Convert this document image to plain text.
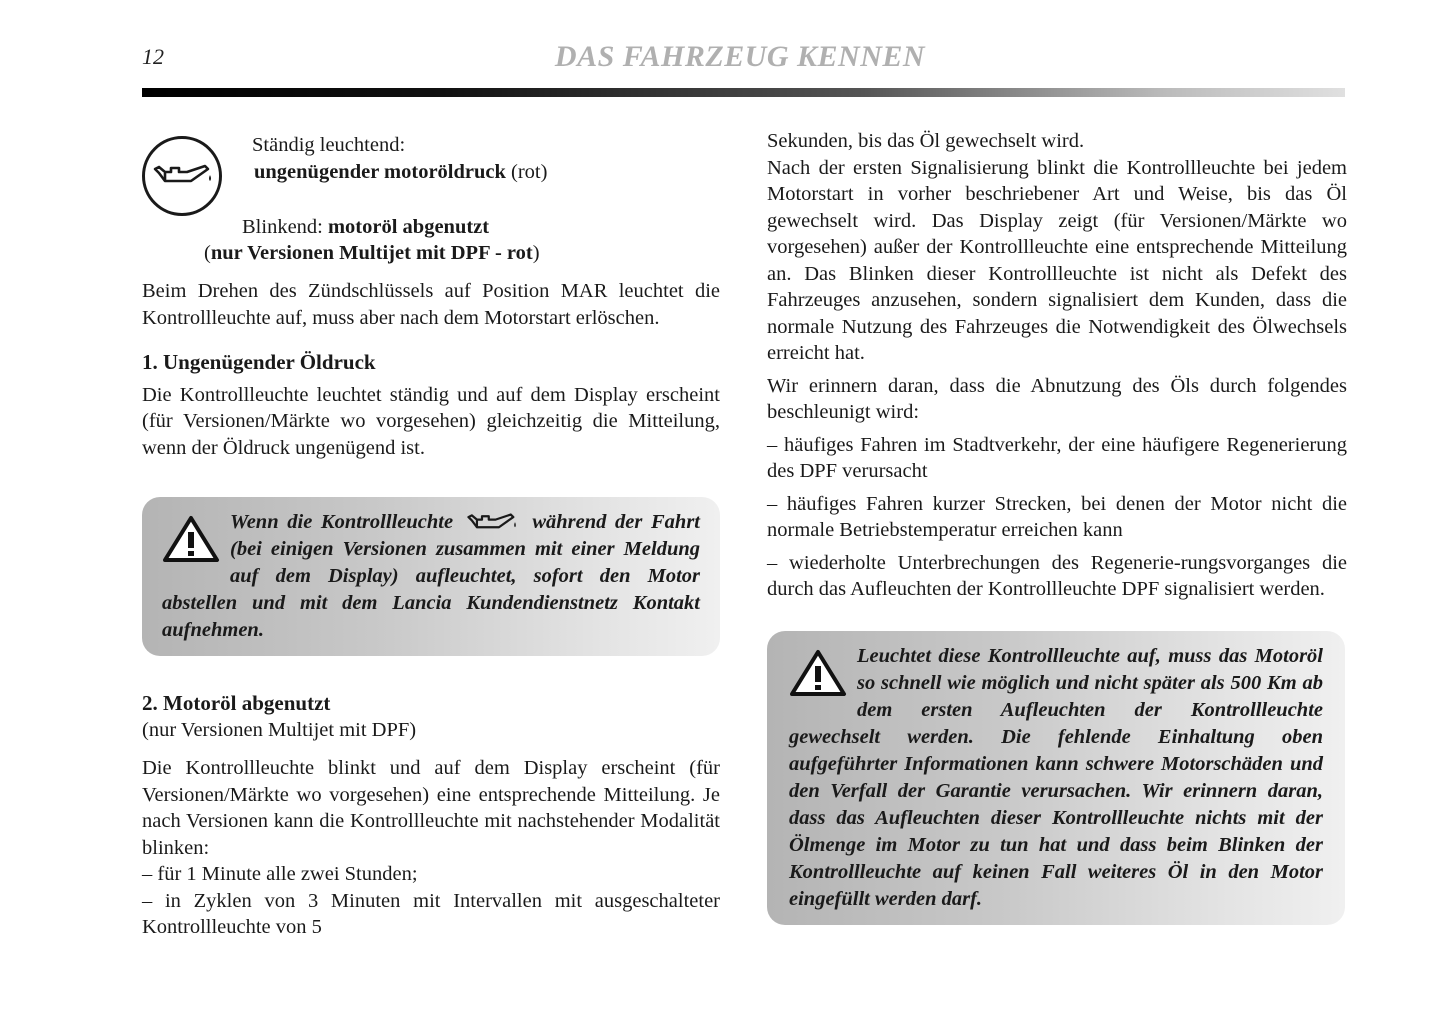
12	DAS FAHRZEUG KENNEN
Ständig leuchtend:
ungenügender motoröldruck (rot)
Blinkend: motoröl abgenutzt
(nur Versionen Multijet mit DPF - rot)

Beim Drehen des Zündschlüssels auf Position MAR leuchtet die Kontrollleuchte auf, muss aber nach dem Motorstart erlöschen.

1. Ungenügender Öldruck

Die Kontrollleuchte leuchtet ständig und auf dem Display erscheint (für Versionen/Märkte wo vorgesehen) gleichzeitig die Mitteilung, wenn der Öldruck ungenügend ist.

Wenn die Kontrollleuchte	während der Fahrt (bei einigen Versionen zusammen mit einer Meldung auf dem Display) aufleuchtet, sofort den Motor abstellen und mit dem Lancia Kundendienstnetz Kontakt aufnehmen.

2. Motoröl abgenutzt

(nur Versionen Multijet mit DPF)

Die Kontrollleuchte blinkt und auf dem Display erscheint (für Versionen/Märkte wo vorgesehen) eine entsprechende Mitteilung. Je nach Versionen kann die Kontrollleuchte mit nachstehender Modalität blinken:

– für 1 Minute alle zwei Stunden;

– in Zyklen von 3 Minuten mit Intervallen mit ausgeschalteter Kontrollleuchte von 5

Sekunden, bis das Öl gewechselt wird.

Nach der ersten Signalisierung blinkt die Kontrollleuchte bei jedem Motorstart in vorher beschriebener Art und Weise, bis das Öl gewechselt wird. Das Display zeigt (für Versionen/Märkte wo vorgesehen) außer der Kontrollleuchte eine entsprechende Mitteilung an. Das Blinken dieser Kontrollleuchte ist nicht als Defekt des Fahrzeuges anzusehen, sondern signalisiert dem Kunden, dass die normale Nutzung des Fahrzeuges die Notwendigkeit des Ölwechsels erreicht hat.

Wir erinnern daran, dass die Abnutzung des Öls durch folgendes beschleunigt wird:

– häufiges Fahren im Stadtverkehr, der eine häufigere Regenerierung des DPF verursacht

– häufiges Fahren kurzer Strecken, bei denen der Motor nicht die normale Betriebstemperatur erreichen kann

– wiederholte Unterbrechungen des Regenerie-rungsvorganges die durch das Aufleuchten der Kontrollleuchte DPF signalisiert werden.

Leuchtet diese Kontrollleuchte auf, muss das Motoröl so schnell wie möglich und nicht später als 500 Km ab dem ersten Aufleuchten der Kontrollleuchte gewechselt werden. Die fehlende Einhaltung oben aufgeführter Informationen kann schwere Motorschäden und den Verfall der Garantie verursachen. Wir erinnern daran, dass das Aufleuchten dieser Kontrollleuchte nichts mit der Ölmenge im Motor zu tun hat und dass beim Blinken der Kontrollleuchte auf keinen Fall weiteres Öl in den Motor eingefüllt werden darf.
